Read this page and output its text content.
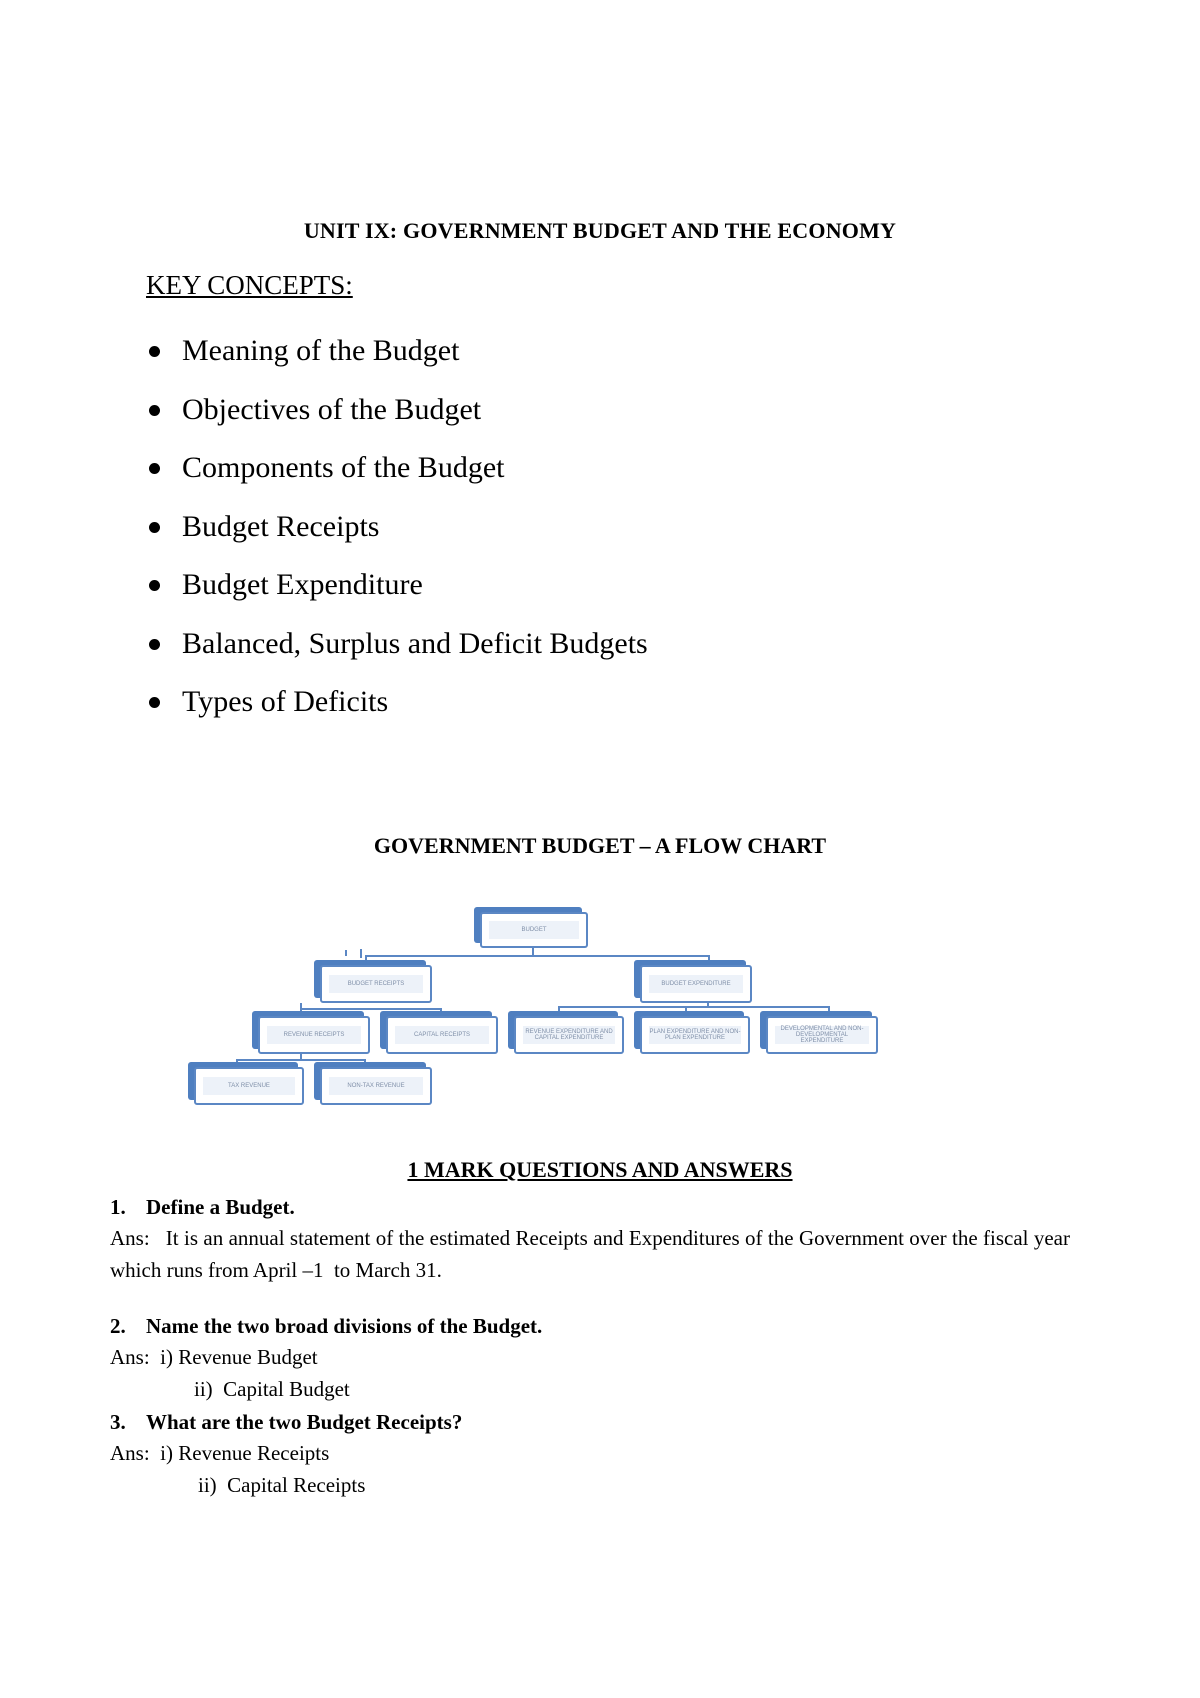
UNIT IX: GOVERNMENT BUDGET AND THE ECONOMY
KEY CONCEPTS:
Meaning of the Budget
Objectives of the Budget
Components of the Budget
Budget Receipts
Budget Expenditure
Balanced, Surplus and Deficit Budgets
Types of Deficits
GOVERNMENT BUDGET – A FLOW CHART
BUDGET
BUDGET RECEIPTS	BUDGET EXPENDITURE
REVENUE RECEIPTS	CAPITAL RECEIPTS	REVENUE EXPENDITURE AND CAPITAL EXPENDITURE
PLAN EXPENDITURE AND NON-PLAN EXPENDITURE
DEVELOPMENTAL AND NON-DEVELOPMENTAL EXPENDITURE
TAX REVENUE	NON-TAX REVENUE
1 MARK QUESTIONS AND ANSWERS
1. Define a Budget.
Ans:   It is an annual statement of the estimated Receipts and Expenditures of the Government over the fiscal year which runs from April –1  to March 31.
2. Name the two broad divisions of the Budget.
Ans:  i) Revenue Budget
ii)  Capital Budget
3. What are the two Budget Receipts?
Ans:  i) Revenue Receipts
ii)  Capital Receipts
